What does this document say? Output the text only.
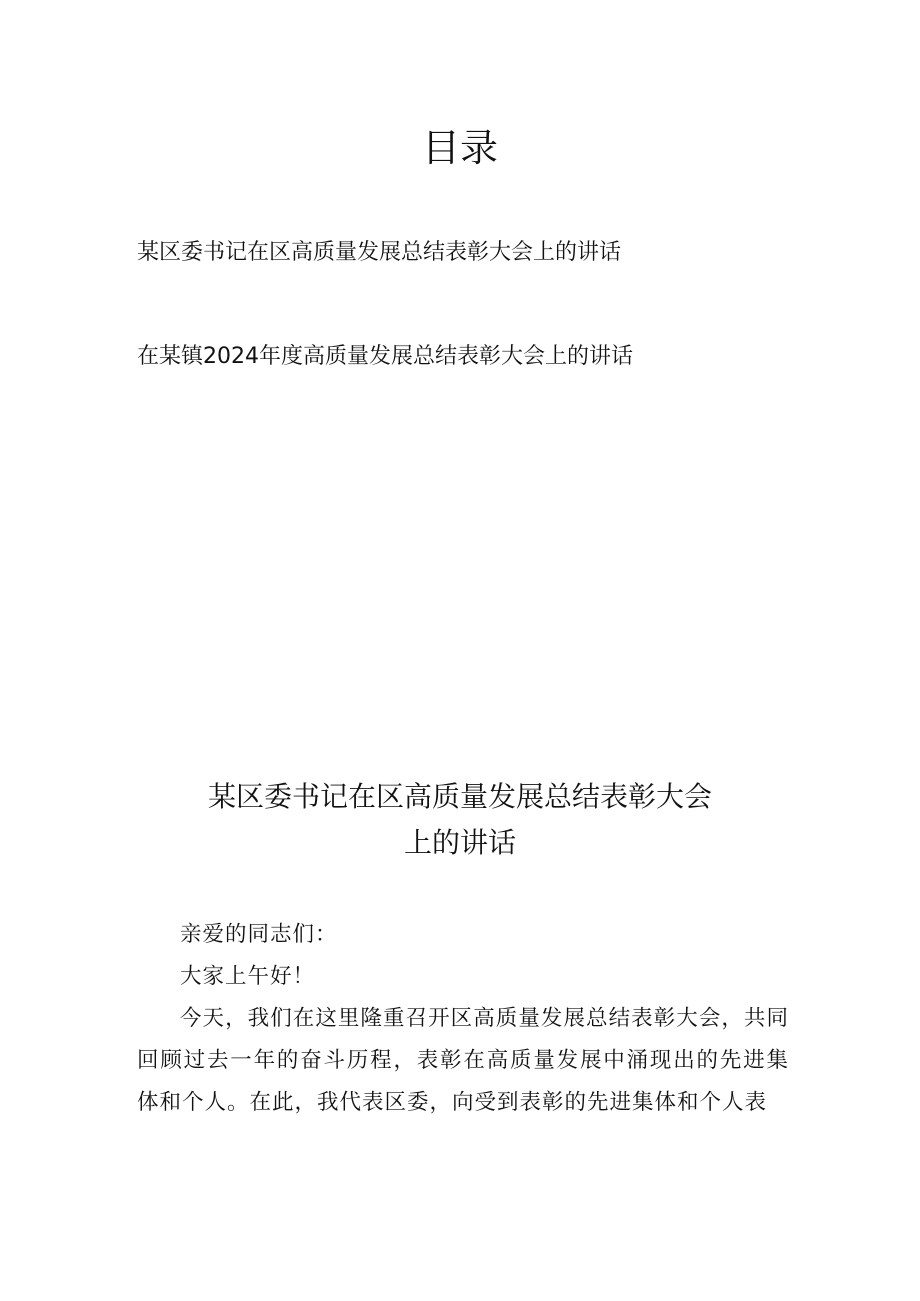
目录
某区委书记在区高质量发展总结表彰大会上的讲话
在某镇2024年度高质量发展总结表彰大会上的讲话
某区委书记在区高质量发展总结表彰大会
上的讲话

亲爱的同志们：

大家上午好！

今天，我们在这里隆重召开区高质量发展总结表彰大会，共同回顾过去一年的奋斗历程，表彰在高质量发展中涌现出的先进集体和个人。在此，我代表区委，向受到表彰的先进集体和个人表
